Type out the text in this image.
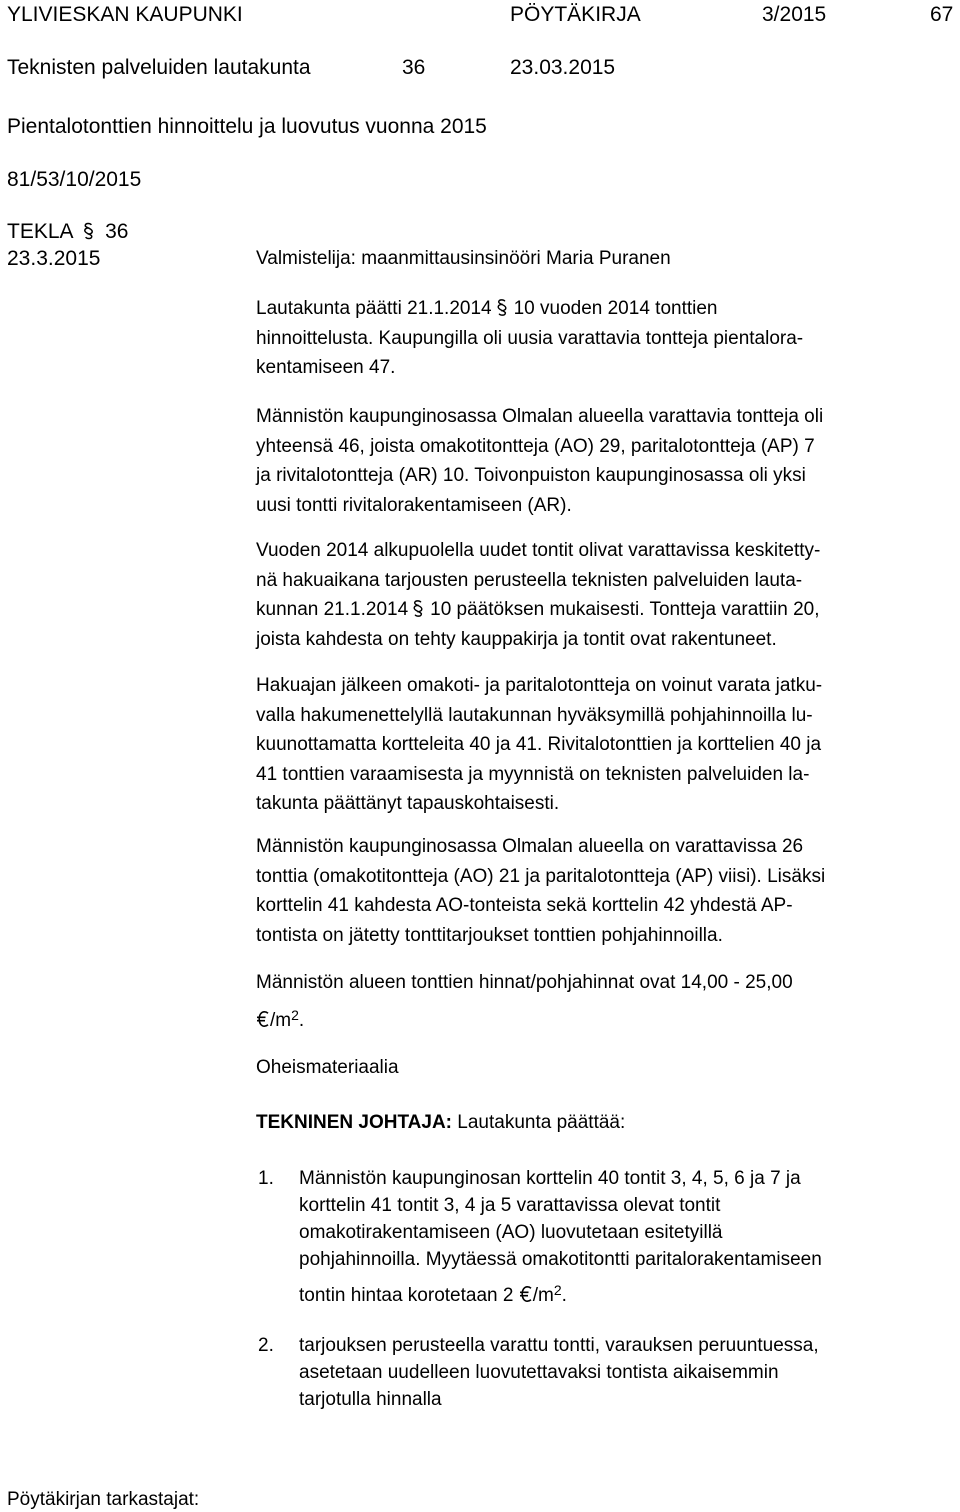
YLIVIESKAN KAUPUNKI	PÖYTÄKIRJA	3/2015	67
Teknisten palveluiden lautakunta	36	23.03.2015
Pientalotonttien hinnoittelu ja luovutus vuonna 2015
81/53/10/2015
TEKLA 36
23.3.2015	Valmistelija: maanmittausinsinööri Maria Puranen
Lautakunta päätti 21.1.2014 10 vuoden 2014 tonttien
hinnoittelusta. Kaupungilla oli uusia varattavia tontteja pientalora-
kentamiseen 47.
Männistön kaupunginosassa Olmalan alueella varattavia tontteja oli
yhteensä 46, joista omakotitontteja (AO) 29, paritalotontteja (AP) 7
ja rivitalotontteja (AR) 10. Toivonpuiston kaupunginosassa oli yksi
uusi tontti rivitalorakentamiseen (AR).
Vuoden 2014 alkupuolella uudet tontit olivat varattavissa keskitetty-
nä hakuaikana tarjousten perusteella teknisten palveluiden lauta-
kunnan 21.1.2014 10 päätöksen mukaisesti. Tontteja varattiin 20,
joista kahdesta on tehty kauppakirja ja tontit ovat rakentuneet.
Hakuajan jälkeen omakoti- ja paritalotontteja on voinut varata jatku-
valla hakumenettelyllä lautakunnan hyväksymillä pohjahinnoilla lu-
kuunottamatta kortteleita 40 ja 41. Rivitalotonttien ja korttelien 40 ja
41 tonttien varaamisesta ja myynnistä on teknisten palveluiden la-
takunta päättänyt tapauskohtaisesti.
Männistön kaupunginosassa Olmalan alueella on varattavissa 26
tonttia (omakotitontteja (AO) 21 ja paritalotontteja (AP) viisi). Lisäksi
korttelin 41 kahdesta AO-tonteista sekä korttelin 42 yhdestä AP-
tontista on jätetty tonttitarjoukset tonttien pohjahinnoilla.
Männistön alueen tonttien hinnat/pohjahinnat ovat 14,00 - 25,00
$/m^2$.
Oheismateriaalia
TEKNINEN JOHTAJA: Lautakunta päättää:
1. Männistön kaupunginosan korttelin 40 tontit 3, 4, 5, 6 ja 7 ja
korttelin 41 tontit 3, 4 ja 5 varattavissa olevat tontit
omakotirakentamiseen (AO) luovutetaan esitetyillä
pohjahinnoilla. Myytäessä omakotitontti paritalorakentamiseen
tontin hintaa korotetaan 2 $/m^2$.
2. tarjouksen perusteella varattu tontti, varauksen peruuntuessa,
asetetaan uudelleen luovutettavaksi tontista aikaisemmin
tarjotulla hinnalla
Pöytäkirjan tarkastajat:
